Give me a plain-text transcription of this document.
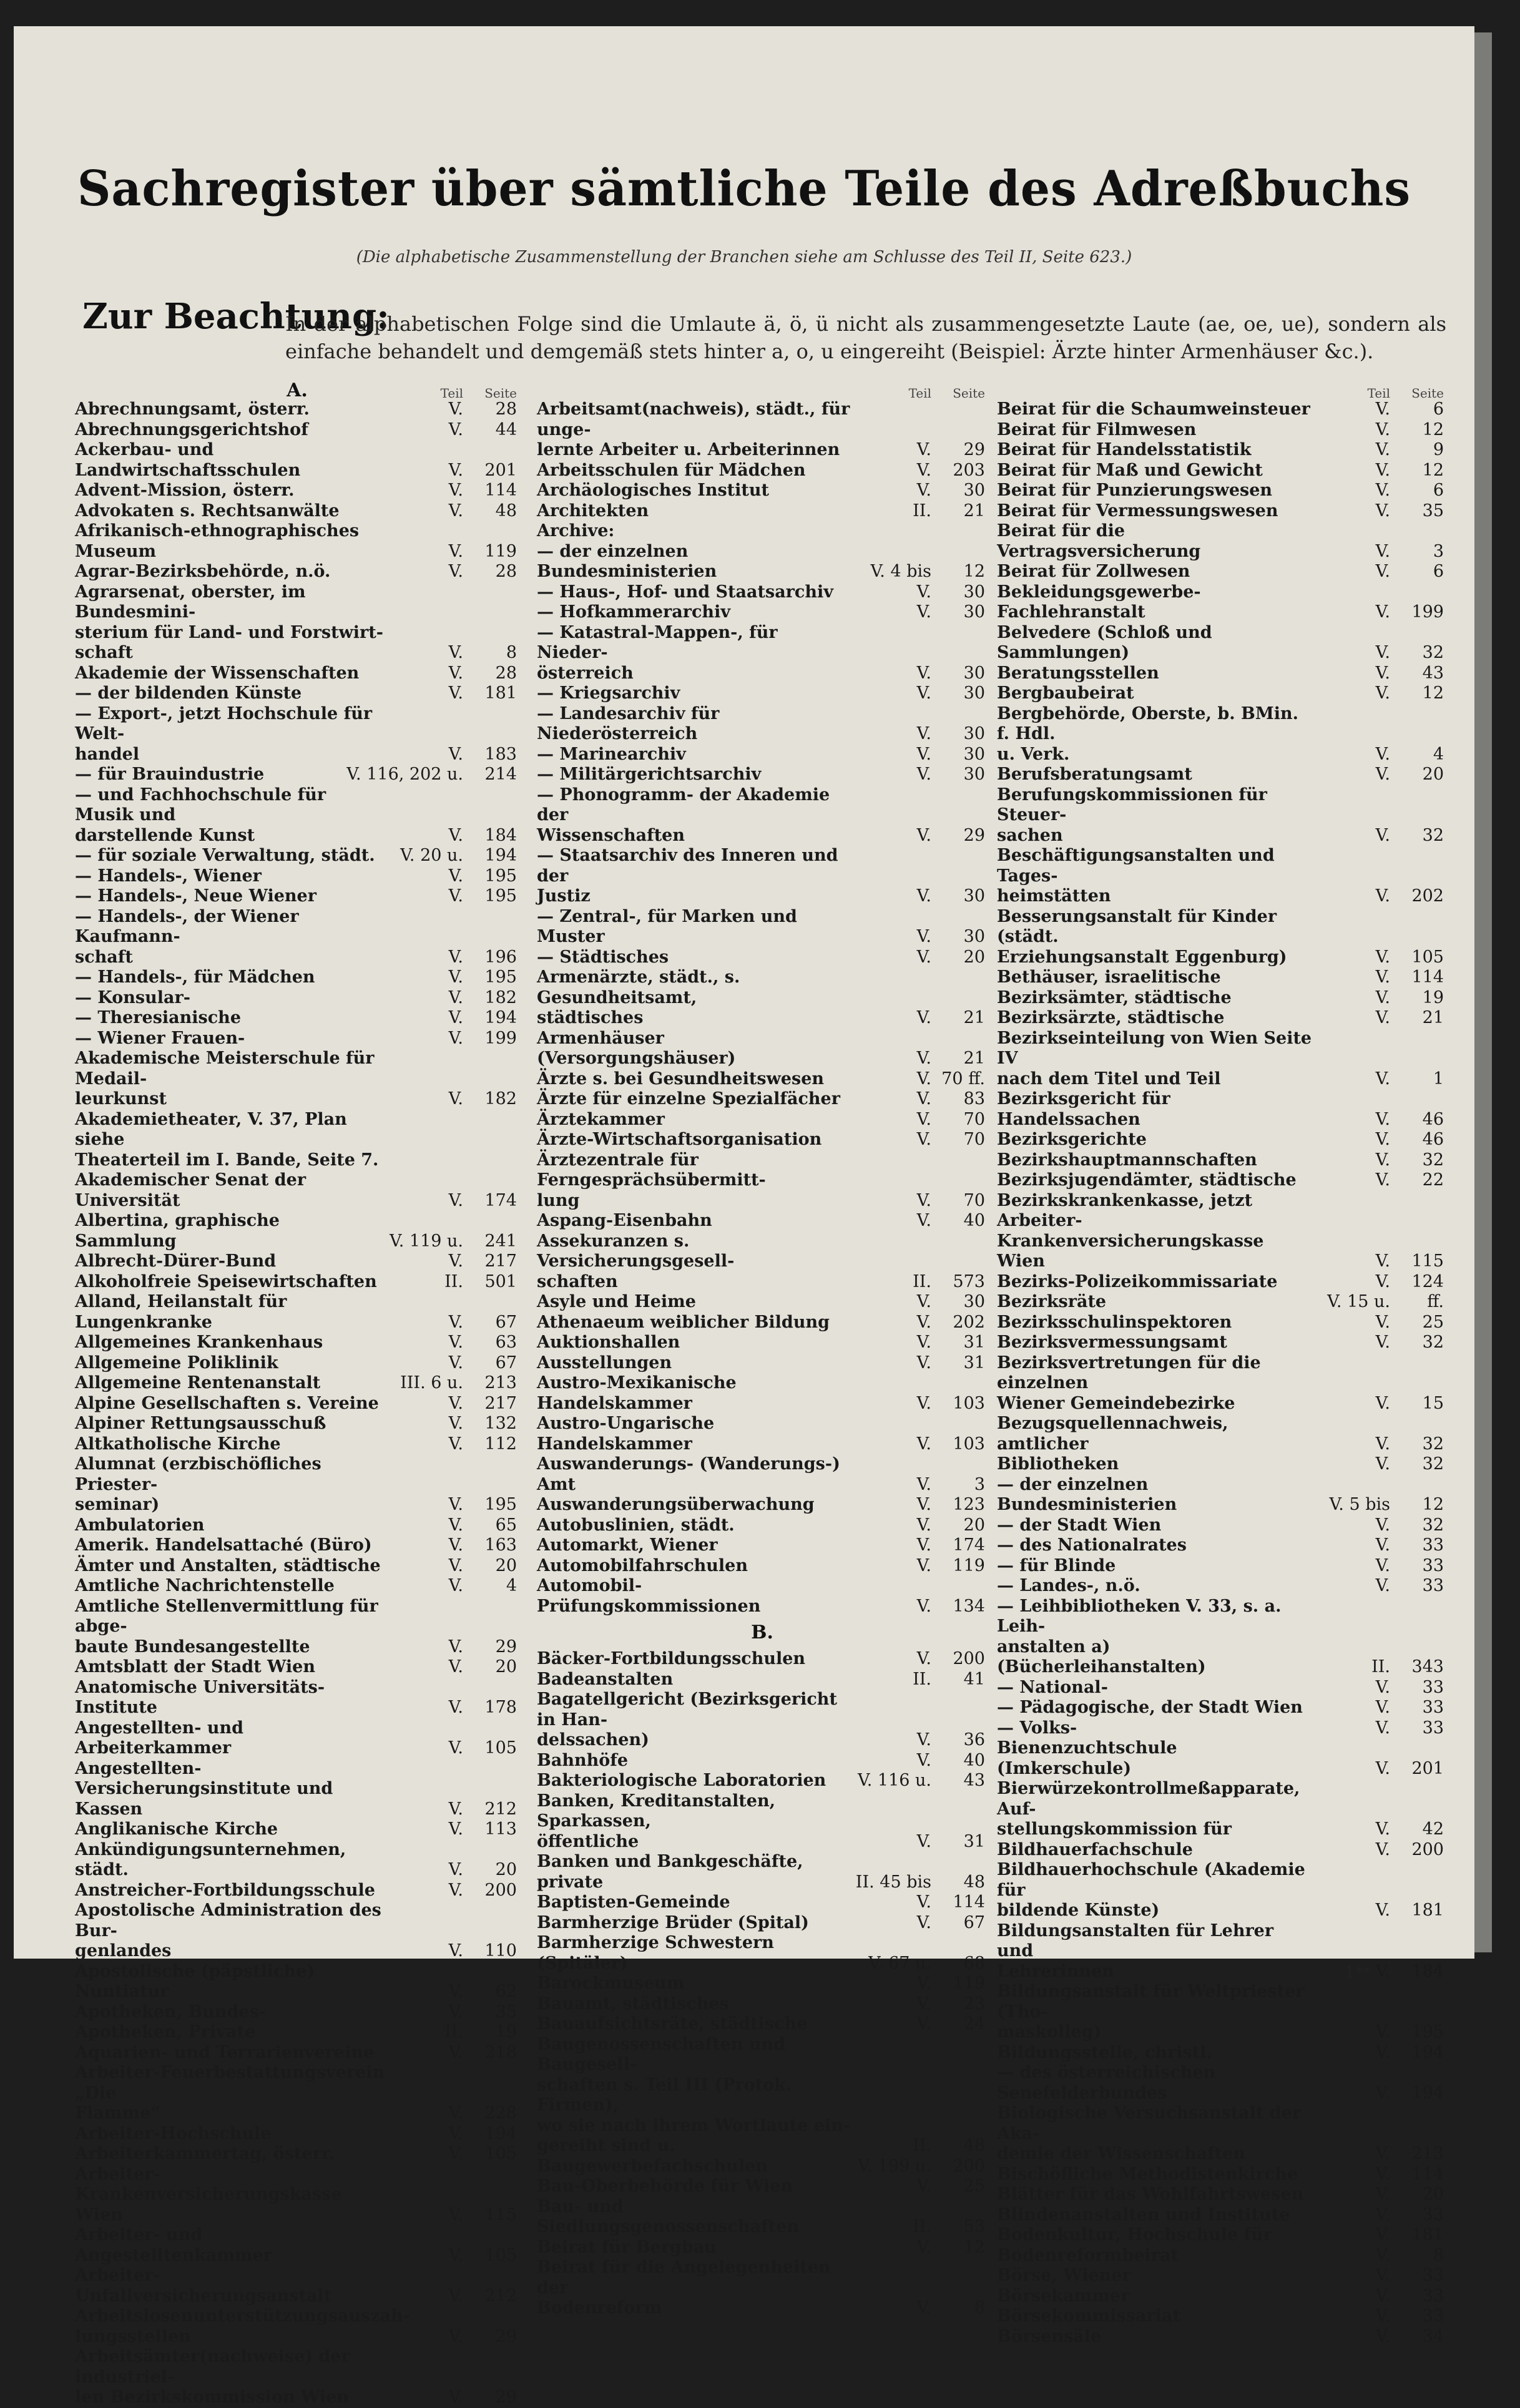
Sachregister über sämtliche Teile des Adreßbuchs
(Die alphabetische Zusammenstellung der Branchen siehe am Schlusse des Teil II, Seite 623.)
Zur Beachtung:
In der alphabetischen Folge sind die Umlaute ä, ö, ü nicht als zusammengesetzte Laute (ae, oe, ue), sondern als einfache behandelt und demgemäß stets hinter a, o, u eingereiht (Beispiel: Ärzte hinter Armenhäuser &c.).
A.	Teil Seite
Abrechnungsamt, österr.	V. 28
Abrechnungsgerichtshof	V. 44
Ackerbau- und Landwirtschaftsschulen	V. 201
Advent-Mission, österr.	V. 114
Advokaten s. Rechtsanwälte	V. 48
Afrikanisch-ethnographisches Museum	V. 119
Agrar-Bezirksbehörde, n.ö.	V. 28
Agrarsenat, oberster, im Bundesmini-
sterium für Land- und Forstwirt-
schaft	V.	8
Akademie der Wissenschaften	V. 28
— der bildenden Künste	V. 181
— Export-, jetzt Hochschule für Welt-
handel	V. 183
— für Brauindustrie	V. 116, 202 u. 214
— und Fachhochschule für Musik und
darstellende Kunst	V. 184
— für soziale Verwaltung, städt.	V. 20 u. 194
— Handels-, Wiener	V. 195
— Handels-, Neue Wiener	V. 195
— Handels-, der Wiener Kaufmann-
schaft	V. 196
— Handels-, für Mädchen	V. 195
— Konsular-	V. 182
— Theresianische	V. 194
— Wiener Frauen-	V. 199
Akademische Meisterschule für Medail-
leurkunst	V. 182
Akademietheater, V. 37, Plan siehe
Theaterteil im I. Bande, Seite 7.
Akademischer Senat der Universität	V. 174
Albertina, graphische Sammlung	V. 119 u. 241
Albrecht-Dürer-Bund	V. 217
Alkoholfreie Speisewirtschaften	II. 501
Alland, Heilanstalt für Lungenkranke	V. 67
Allgemeines Krankenhaus	V. 63
Allgemeine Poliklinik	V. 67
Allgemeine Rentenanstalt	III. 6 u. 213
Alpine Gesellschaften s. Vereine	V. 217
Alpiner Rettungsausschuß	V. 132
Altkatholische Kirche	V. 112
Alumnat (erzbischöfliches Priester-
seminar)	V. 195
Ambulatorien	V. 65
Amerik. Handelsattaché (Büro)	V. 163
Ämter und Anstalten, städtische	V. 20
Amtliche Nachrichtenstelle	V.	4
Amtliche Stellenvermittlung für abge-
baute Bundesangestellte	V. 29
Amtsblatt der Stadt Wien	V. 20
Anatomische Universitäts-Institute	V. 178
Angestellten- und Arbeiterkammer	V. 105
Angestellten-Versicherungsinstitute und
Kassen	V. 212
Anglikanische Kirche	V. 113
Ankündigungsunternehmen, städt.	V. 20
Anstreicher-Fortbildungsschule	V. 200
Apostolische Administration des Bur-
genlandes	V. 110
Apostolische (päpstliche) Nuntiatur	V. 62
Apotheken, Bundes-	V. 35
Apotheken, Private	II. 19
Aquarien- und Terrarienvereine	V. 218
Arbeiter-Feuerbestattungsverein „Die
Flamme“	V. 228
Arbeiter-Hochschule	V. 194
Arbeiterkammertag, österr.	V. 105
Arbeiter-Krankenversicherungskasse Wien	V. 115
Arbeiter- und Angestelltenkammer	V. 105
Arbeiter-Unfallversicherungsanstalt	V. 212
Arbeitslosenunterstützungsauszah-
lungsstellen	V. 29
Arbeitsämter(nachweise) der industriel-
len Bezirkskommission Wien	V. 29
Teil Seite
Arbeitsamt(nachweis), städt., für unge-
lernte Arbeiter u. Arbeiterinnen	V. 29
Arbeitsschulen für Mädchen	V. 203
Archäologisches Institut	V. 30
Architekten	II. 21
Archive:
— der einzelnen Bundesministerien	V. 4 bis 12
— Haus-, Hof- und Staatsarchiv	V. 30
— Hofkammerarchiv	V. 30
— Katastral-Mappen-, für Nieder-
österreich	V. 30
— Kriegsarchiv	V. 30
— Landesarchiv für Niederösterreich	V. 30
— Marinearchiv	V. 30
— Militärgerichtsarchiv	V. 30
— Phonogramm- der Akademie der
Wissenschaften	V. 29
— Staatsarchiv des Inneren und der
Justiz	V. 30
— Zentral-, für Marken und Muster	V. 30
— Städtisches	V. 20
Armenärzte, städt., s. Gesundheitsamt,
städtisches	V. 21
Armenhäuser (Versorgungshäuser)	V. 21
Ärzte s. bei Gesundheitswesen	V. 70 ff.
Ärzte für einzelne Spezialfächer	V. 83
Ärztekammer	V. 70
Ärzte-Wirtschaftsorganisation	V. 70
Ärztezentrale für Ferngesprächsübermitt-
lung	V. 70
Aspang-Eisenbahn	V. 40
Assekuranzen s. Versicherungsgesell-
schaften	II. 573
Asyle und Heime	V. 30
Athenaeum weiblicher Bildung	V. 202
Auktionshallen	V. 31
Ausstellungen	V. 31
Austro-Mexikanische Handelskammer	V. 103
Austro-Ungarische Handelskammer	V. 103
Auswanderungs- (Wanderungs-) Amt	V.	3
Auswanderungsüberwachung	V. 123
Autobuslinien, städt.	V. 20
Automarkt, Wiener	V. 174
Automobilfahrschulen	V. 119
Automobil-Prüfungskommissionen	V. 134
B.
Bäcker-Fortbildungsschulen	V. 200
Badeanstalten	II. 41
Bagatellgericht (Bezirksgericht in Han-
delssachen)	V. 36
Bahnhöfe	V. 40
Bakteriologische Laboratorien	V. 116 u. 43
Banken, Kreditanstalten, Sparkassen,
öffentliche	V. 31
Banken und Bankgeschäfte, private	II. 45 bis 48
Baptisten-Gemeinde	V. 114
Barmherzige Brüder (Spital)	V. 67
Barmherzige Schwestern (Spitäler)	V. 67 u. 68
Barockmuseum	V. 119
Bauamt, städtisches	V. 23
Bauaufsichtsräte, städtische	V. 24
Baugenossenschaften und Baugesell-
schaften s. Teil III (Protok. Firmen),
wo sie nach ihrem Wortlaute ein-
gereiht sind u.	II. 48
Baugewerbefachschulen	V. 199 u. 200
Bau-Oberbehörde für Wien	V. 25
Bau- und Siedlungsgenossenschaften	II. 53
Beirat für Bergbau	V. 12
Beirat für die Angelegenheiten der
Bodenreform	V.	8
Teil Seite
Beirat für die Schaumweinsteuer	V.	6
Beirat für Filmwesen	V. 12
Beirat für Handelsstatistik	V.	9
Beirat für Maß und Gewicht	V. 12
Beirat für Punzierungswesen	V.	6
Beirat für Vermessungswesen	V. 35
Beirat für die Vertragsversicherung	V.	3
Beirat für Zollwesen	V.	6
Bekleidungsgewerbe-Fachlehranstalt	V. 199
Belvedere (Schloß und Sammlungen)	V. 32
Beratungsstellen	V. 43
Bergbaubeirat	V. 12
Bergbehörde, Oberste, b. BMin. f. Hdl.
u. Verk.	V.	4
Berufsberatungsamt	V. 20
Berufungskommissionen für Steuer-
sachen	V. 32
Beschäftigungsanstalten und Tages-
heimstätten	V. 202
Besserungsanstalt für Kinder (städt.
Erziehungsanstalt Eggenburg)	V. 105
Bethäuser, israelitische	V. 114
Bezirksämter, städtische	V. 19
Bezirksärzte, städtische	V. 21
Bezirkseinteilung von Wien Seite IV
nach dem Titel und Teil	V.	1
Bezirksgericht für Handelssachen	V. 46
Bezirksgerichte	V. 46
Bezirkshauptmannschaften	V. 32
Bezirksjugendämter, städtische	V. 22
Bezirkskrankenkasse, jetzt Arbeiter-
Krankenversicherungskasse Wien	V. 115
Bezirks-Polizeikommissariate	V. 124
Bezirksräte	V. 15 u. ff.
Bezirksschulinspektoren	V. 25
Bezirksvermessungsamt	V. 32
Bezirksvertretungen für die einzelnen
Wiener Gemeindebezirke	V. 15
Bezugsquellennachweis, amtlicher	V. 32
Bibliotheken	V. 32
— der einzelnen Bundesministerien	V. 5 bis 12
— der Stadt Wien	V. 32
— des Nationalrates	V. 33
— für Blinde	V. 33
— Landes-, n.ö.	V. 33
— Leihbibliotheken V. 33, s. a. Leih-
anstalten a) (Bücherleihanstalten)	II. 343
— National-	V. 33
— Pädagogische, der Stadt Wien	V. 33
— Volks-	V. 33
Bienenzuchtschule (Imkerschule)	V. 201
Bierwürzekontrollmeßapparate, Auf-
stellungskommission für	V. 42
Bildhauerfachschule	V. 200
Bildhauerhochschule (Akademie für
bildende Künste)	V. 181
Bildungsanstalten für Lehrer und
Lehrerinnen	V. 184
Bildungsanstalt für Weltpriester (Tho-
maskolleg)	V. 195
Bildungsstelle, christl.	V. 194
— des österreichischen Senefelderbundes	V. 194
Biologische Versuchsanstalt der Aka-
demie der Wissenschaften	V. 213
Bischöfliche Methodistenkirche	V. 114
Blätter für das Wohlfahrtswesen	V. 20
Blindenanstalten und Institute	V. 33
Bodenkultur, Hochschule für	V. 181
Bodenreformbeirat	V.	8
Börse, Wiener	V. 33
Börsekammer	V. 33
Börsekommissariat	V. 33
Börsensäle	V. 34
1**
